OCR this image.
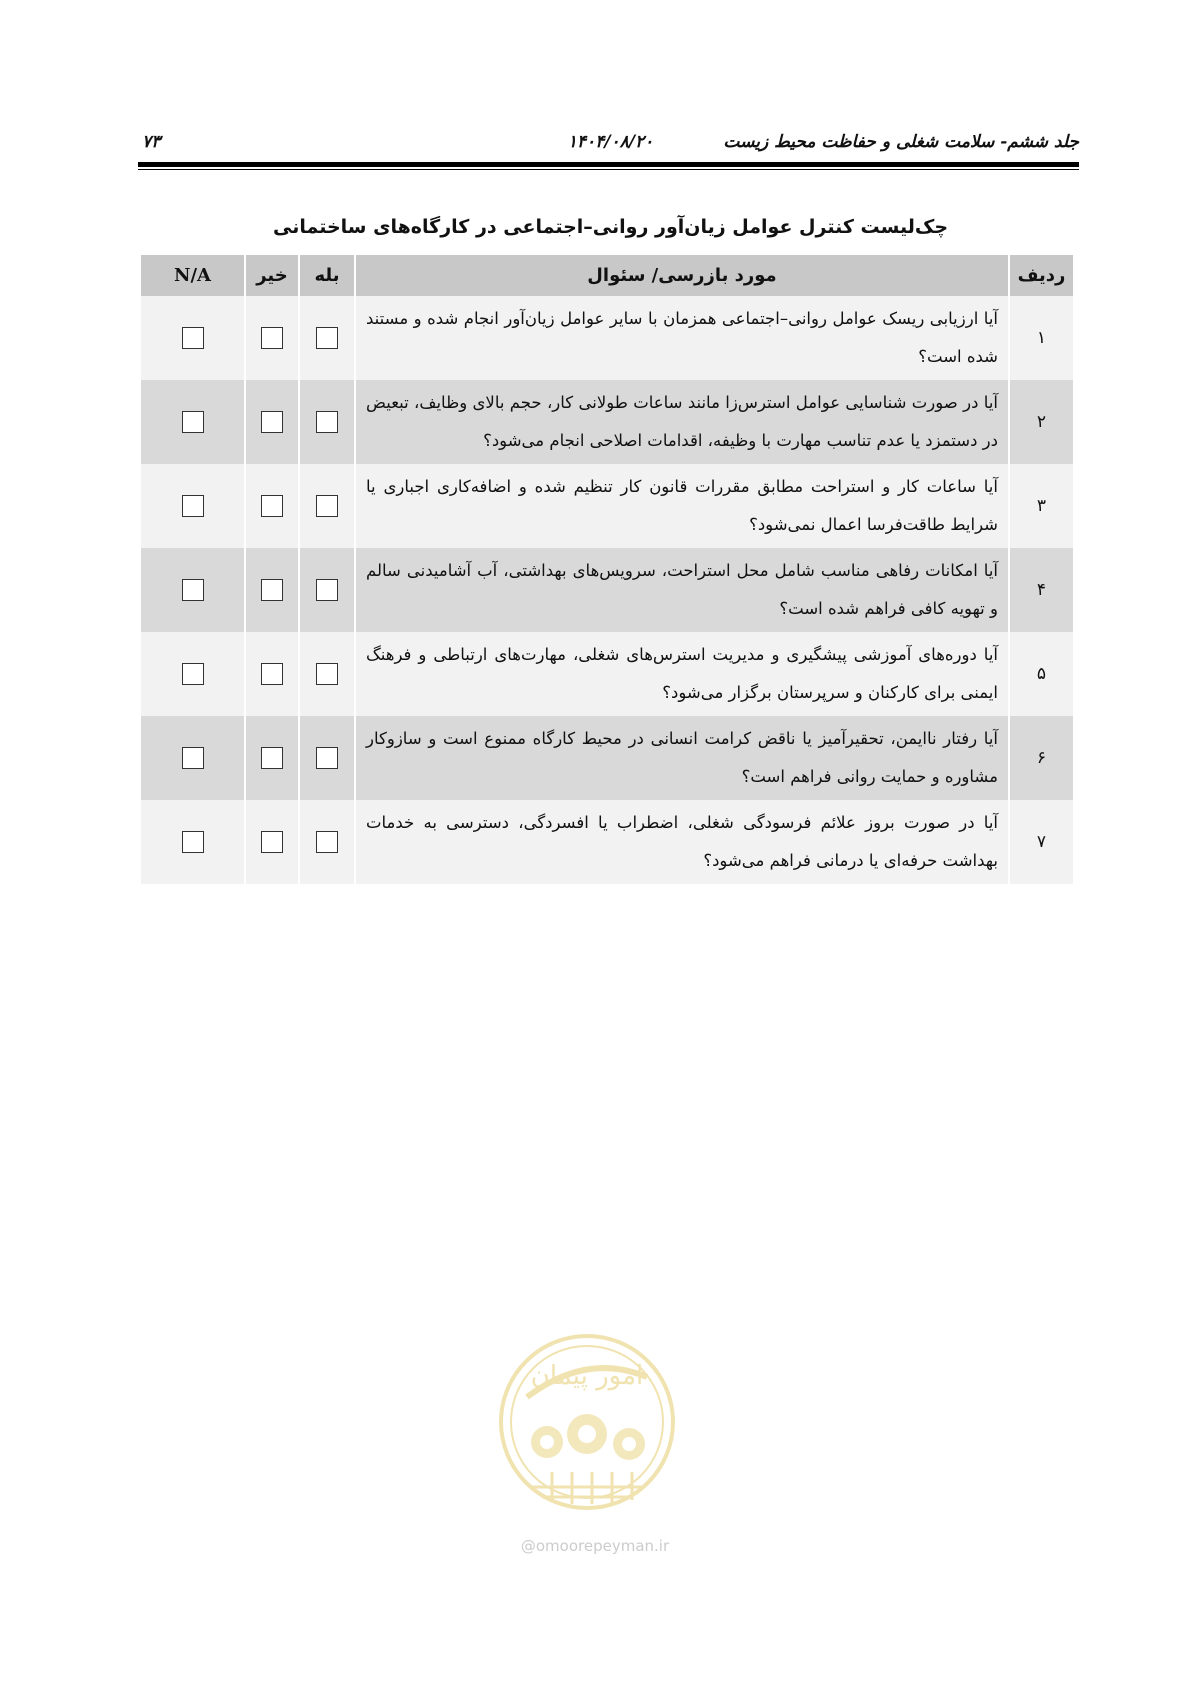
جلد ششم- سلامت شغلی و حفاظت محیط زیست
۱۴۰۴/۰۸/۲۰
۷۳
چک‌لیست کنترل عوامل زیان‌آور روانی–اجتماعی در کارگاه‌های ساختمانی
ردیف	مورد بازرسی/ سئوال	بله	خیر	N/A
۱	آیا ارزیابی ریسک عوامل روانی–اجتماعی همزمان با سایر عوامل زیان‌آور انجام شده و مستند شده است؟			
۲	آیا در صورت شناسایی عوامل استرس‌زا مانند ساعات طولانی کار، حجم بالای وظایف، تبعیض در دستمزد یا عدم تناسب مهارت با وظیفه، اقدامات اصلاحی انجام می‌شود؟			
۳	آیا ساعات کار و استراحت مطابق مقررات قانون کار تنظیم شده و اضافه‌کاری اجباری یا شرایط طاقت‌فرسا اعمال نمی‌شود؟			
۴	آیا امکانات رفاهی مناسب شامل محل استراحت، سرویس‌های بهداشتی، آب آشامیدنی سالم و تهویه کافی فراهم شده است؟			
۵	آیا دوره‌های آموزشی پیشگیری و مدیریت استرس‌های شغلی، مهارت‌های ارتباطی و فرهنگ ایمنی برای کارکنان و سرپرستان برگزار می‌شود؟			
۶	آیا رفتار ناایمن، تحقیرآمیز یا ناقض کرامت انسانی در محیط کارگاه ممنوع است و سازوکار مشاوره و حمایت روانی فراهم است؟			
۷	آیا در صورت بروز علائم فرسودگی شغلی، اضطراب یا افسردگی، دسترسی به خدمات بهداشت حرفه‌ای یا درمانی فراهم می‌شود؟			
امور پیمان
@omoorepeyman.ir
